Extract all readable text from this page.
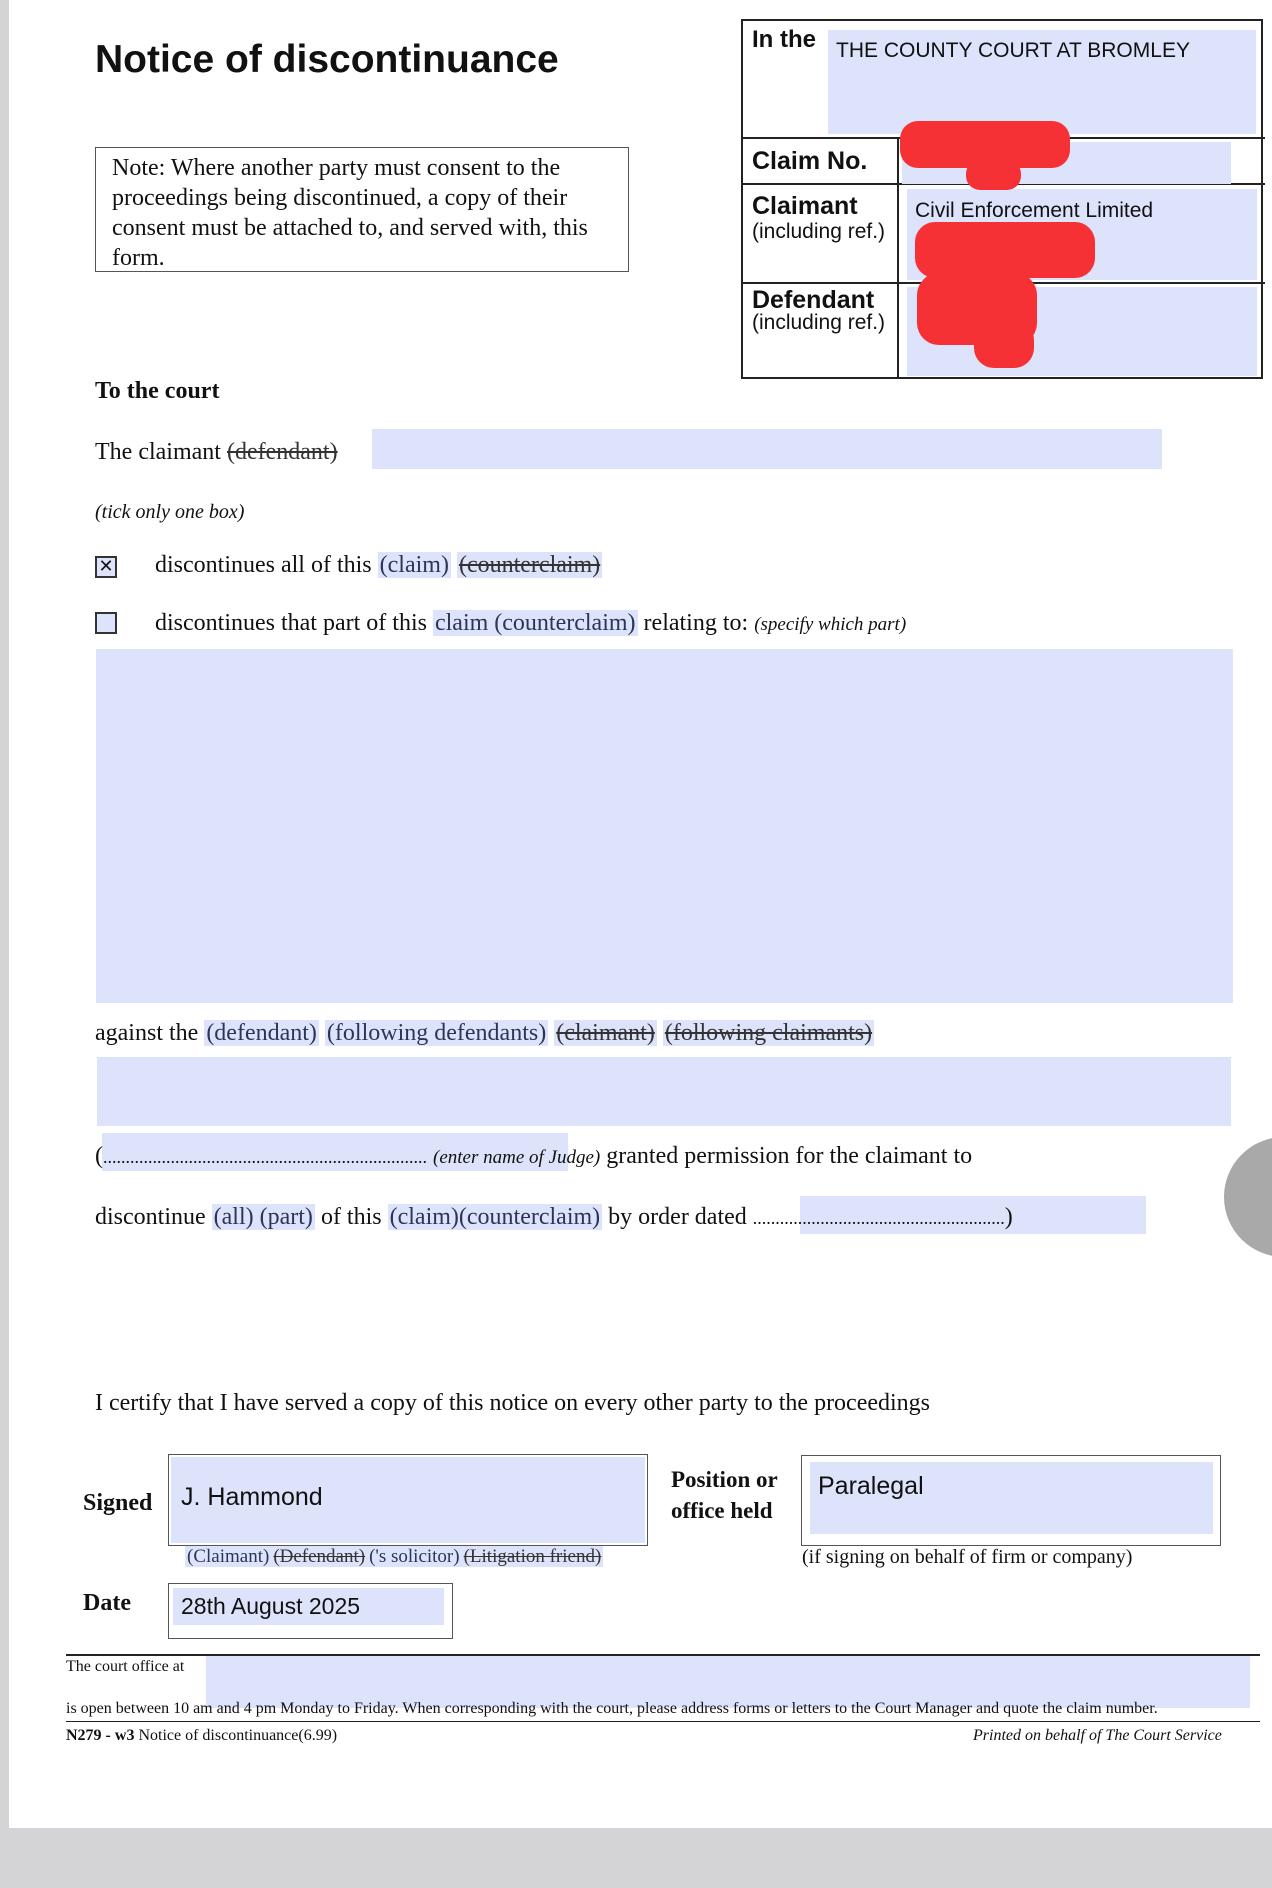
Notice of discontinuance
Note: Where another party must consent to the proceedings being discontinued, a copy of their consent must be attached to, and served with, this form.
In the THE COUNTY COURT AT BROMLEY
Claim No.
Claimant
(including ref.)
Civil Enforcement Limited
Defendant
(including ref.)
To the court
The claimant (defendant)
(tick only one box)
✕ discontinues all of this (claim) (counterclaim)
discontinues that part of this claim (counterclaim) relating to: (specify which part)
against the (defendant) (following defendants) (claimant) (following claimants)
(........................................................................ (enter name of Judge) granted permission for the claimant to
discontinue (all) (part) of this (claim)(counterclaim) by order dated ........................................................)
I certify that I have served a copy of this notice on every other party to the proceedings
Signed J. Hammond
(Claimant) (Defendant) ('s solicitor) (Litigation friend)
Position or
office held
Paralegal
(if signing on behalf of firm or company)
Date 28th August 2025
The court office at
is open between 10 am and 4 pm Monday to Friday. When corresponding with the court, please address forms or letters to the Court Manager and quote the claim number.
N279 - w3 Notice of discontinuance(6.99)	Printed on behalf of The Court Service
